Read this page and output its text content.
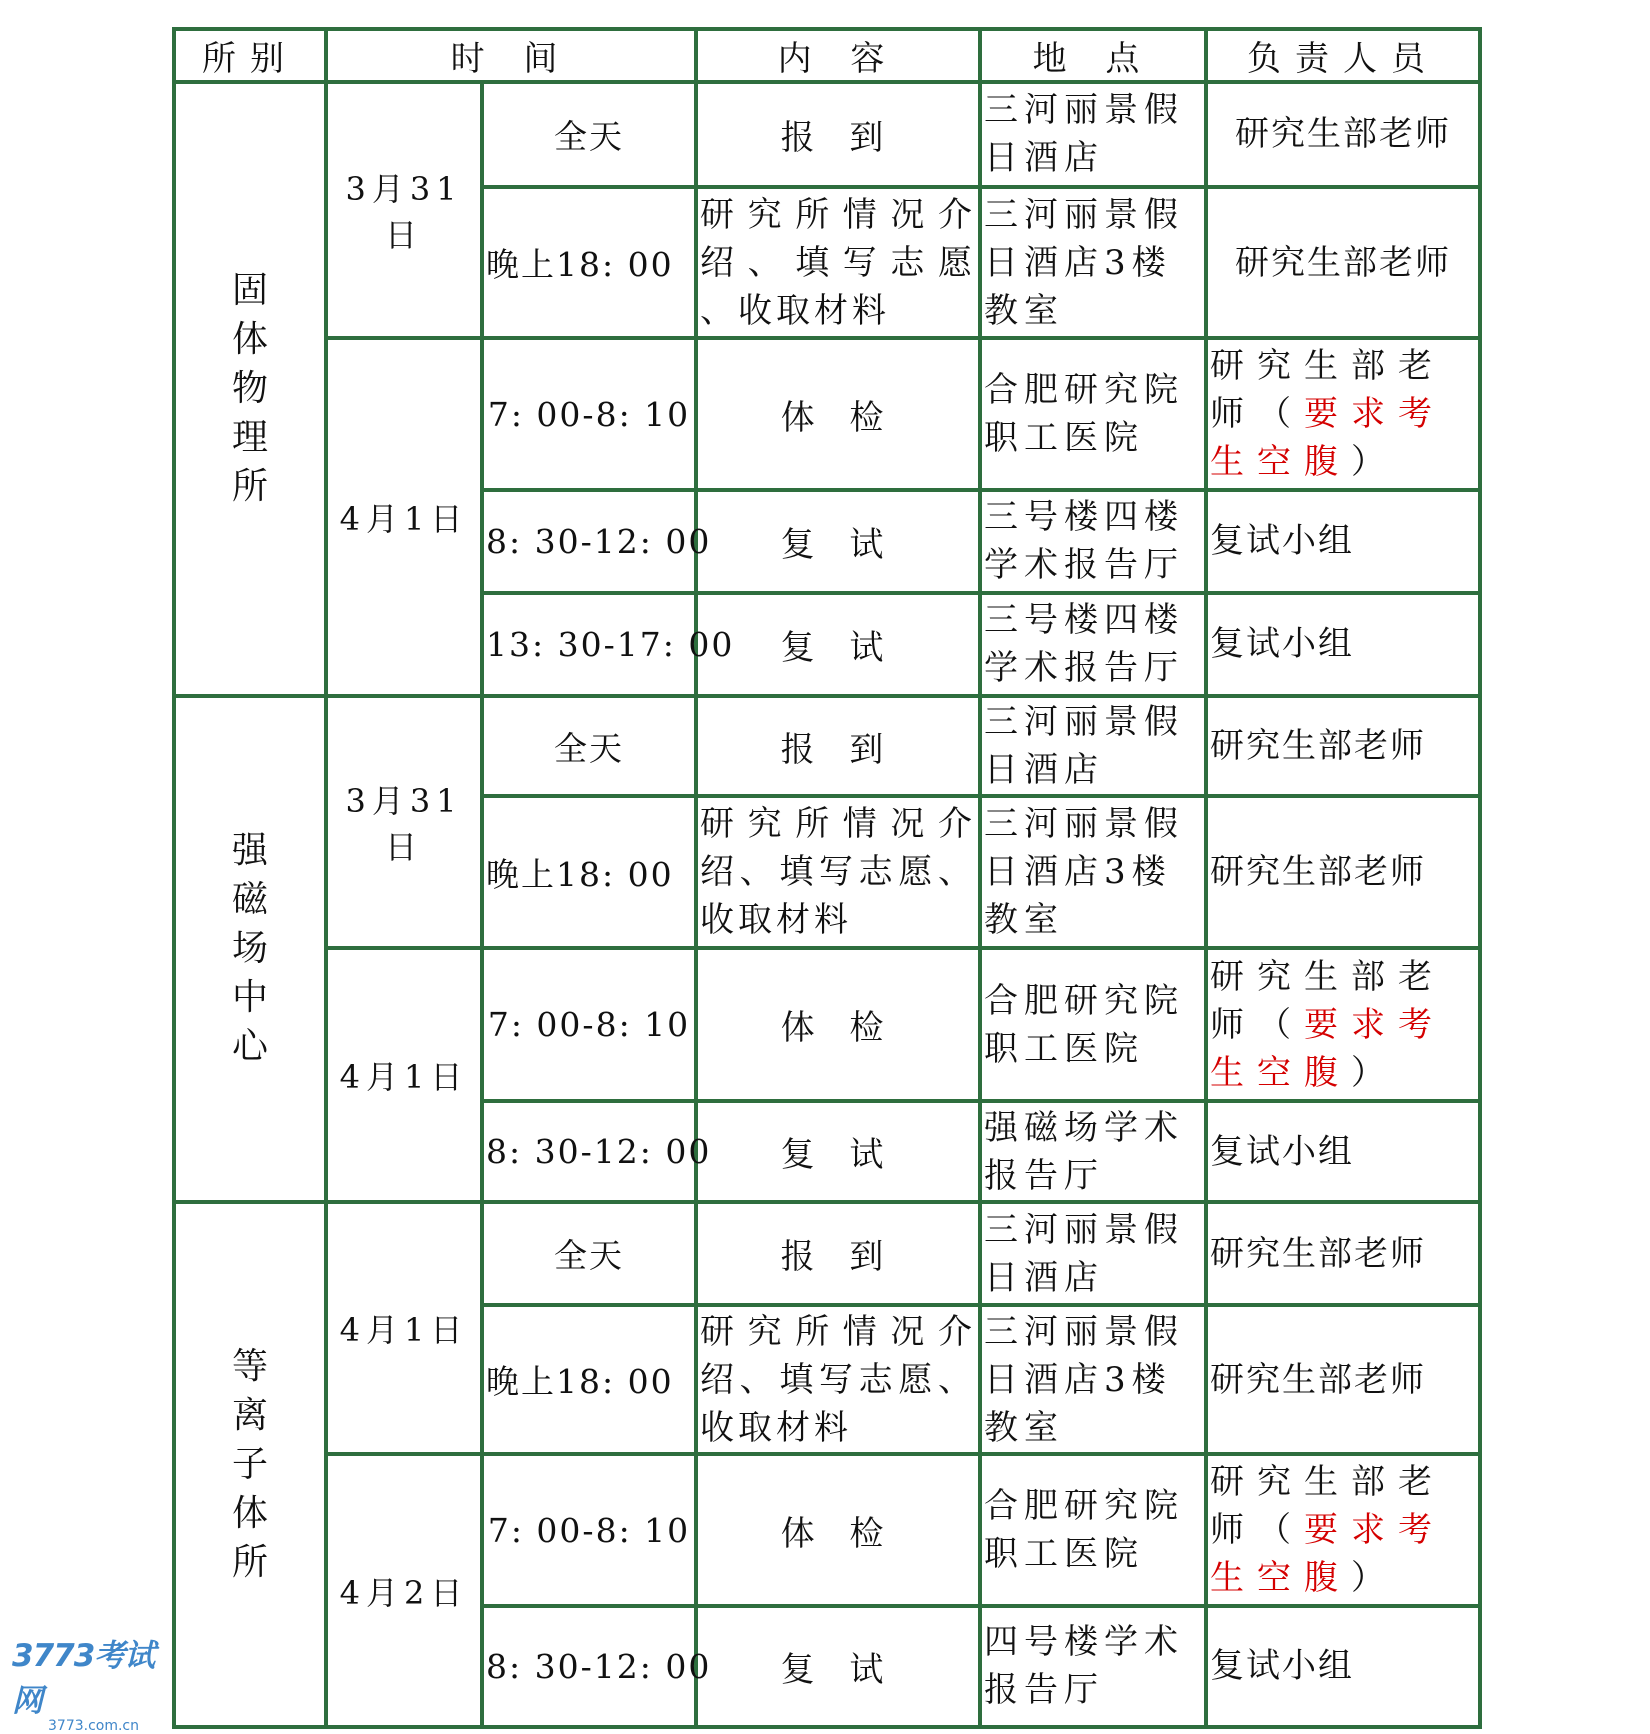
所别	时 间		内 容	地 点	负责人员
固体物理所	3月31日	全天	报 到	三河丽景假日酒店	研究生部老师
		晚上18: 00	研究所情况介绍、填写志愿 、收取材料	三河丽景假日酒店3楼教室	研究生部老师
	4月1日	7: 00-8: 10	体 检	合肥研究院职工医院	研究生部老师（要求考生空腹）
		8: 30-12: 00	复 试	三号楼四楼学术报告厅	复试小组
		13: 30-17: 00	复 试	三号楼四楼学术报告厅	复试小组
强磁场中心	3月31日	全天	报 到	三河丽景假日酒店	研究生部老师
		晚上18: 00	研究所情况介绍、填写志愿、收取材料	三河丽景假日酒店3楼教室	研究生部老师
	4月1日	7: 00-8: 10	体 检	合肥研究院职工医院	研究生部老师（要求考生空腹）
		8: 30-12: 00	复 试	强磁场学术报告厅	复试小组
等离子体所	4月1日	全天	报 到	三河丽景假日酒店	研究生部老师
		晚上18: 00	研究所情况介绍、填写志愿、收取材料	三河丽景假日酒店3楼教室	研究生部老师
	4月2日	7: 00-8: 10	体 检	合肥研究院职工医院	研究生部老师（要求考生空腹）
		8: 30-12: 00	复 试	四号楼学术报告厅	复试小组
3773考试网
3773.com.cn
